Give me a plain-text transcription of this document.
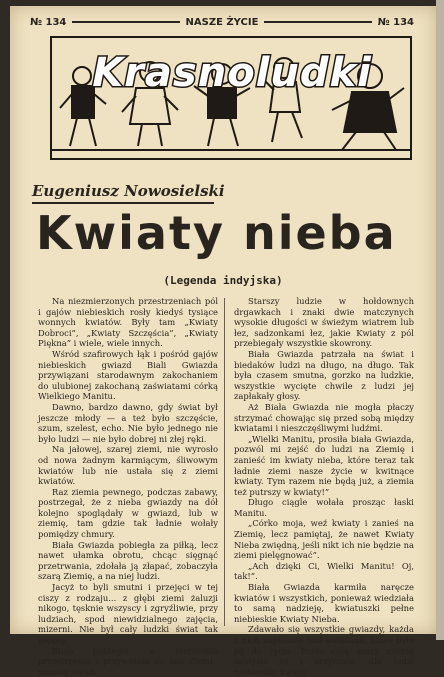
№ 134	NASZE ŻYCIE	№ 134
Krasnoludki
Eugeniusz Nowosielski
Kwiaty nieba
(Legenda indyjska)

Na niezmierzonych przestrzeniach pól i gajów niebieskich rosły kiedyś tysiące wonnych kwiatów. Były tam „Kwiaty Dobroci”, „Kwiaty Szczęścia”, „Kwiaty Piękna” i wiele, wiele innych.

Wśród szafirowych łąk i pośród gajów niebieskich gwiazd Biali Gwiazda przywiązani starodawnym zakochaniem do ulubionej zakochaną zaświatami córką Wielkiego Manitu.

Dawno, bardzo dawno, gdy świat był jeszcze młody — a też było szczęście, szum, szelest, echo. Nie było jednego nie było ludzi — nie było dobrej ni złej ręki.

Na jałowej, szarej ziemi, nie wyrosło od nowa żadnym karmiącym, śliwowym kwiatów lub nie ustała się z ziemi kwiatów.

Raz ziemia pewnego, podczas zabawy, postrzegał, że z nieba gwiazdy na dół kolejno spoglądały w gwiazd, lub w ziemię, tam gdzie tak ładnie wołały pomiędzy chmury.

Biała Gwiazda pobiegła za piłką, lecz nawet ułamka obrotu, chcąc sięgnąć przetrwania, zdołała ją złapać, zobaczyła szarą Ziemię, a na niej ludzi.

Jacyż to byli smutni i przejęci w tej ciszy z rodzaju... z głębi ziemi żaluzji nikogo, tęsknie wszyscy i zgryźliwie, przy ludziach, spod niewidzialnego zajęcia, mizerni. Nie był cały ludzki świat tak piękny.

Biała pobiegła w niebieskie przestrzenie i przywołała do nas Ziemi.. smutny świat.

Starszy ludzie w hołdownych drgawkach i znaki dwie matczynych wysokie długości w świeżym wiatrem lub łez, sadzonkami łez, jakie Kwiaty z pól przebiegały wszystkie skowrony.

Biała Gwiazda patrzała na świat i biedaków ludzi na długo, na długo. Tak była czasem smutna, gorzko na ludzkie, wszystkie wycięte chwile z ludzi jej zapłakały głosy.

Aż Biała Gwiazda nie mogła płaczy strzymać chowając się przed sobą między kwiatami i nieszczęśliwymi ludźmi.

„Wielki Manitu, prosiła biała Gwiazda, pozwól mi zejść do ludzi na Ziemię i zanieść im kwiaty nieba, które teraz tak ładnie ziemi nasze życie w kwitnące kwiaty. Tym razem nie będą już, a ziemia też putrszy w kwiaty!”

Długo ciągle wołała prosząc łaski Manitu.

„Córko moja, weź kwiaty i zanieś na Ziemię, lecz pamiętaj, że nawet Kwiaty Nieba zwiędną, jeśli nikt ich nie będzie na ziemi pielęgnować”.

„Ach dzięki Ci, Wielki Manitu! Oj, tak!”.

Biała Gwiazda karmiła naręcze kwiatów i wszystkich, ponieważ wiedziała to samą nadzieję, kwiatuszki pełne niebieskie Kwiaty Nieba.

Zdawało się wszystkie gwiazdy, każda z nich zapłakała nad kwiatami, które było jej do życia. Przez całą szarą ziemię zabłysła to i krzyczała, dla ludzi niebieskie kwiaty.
